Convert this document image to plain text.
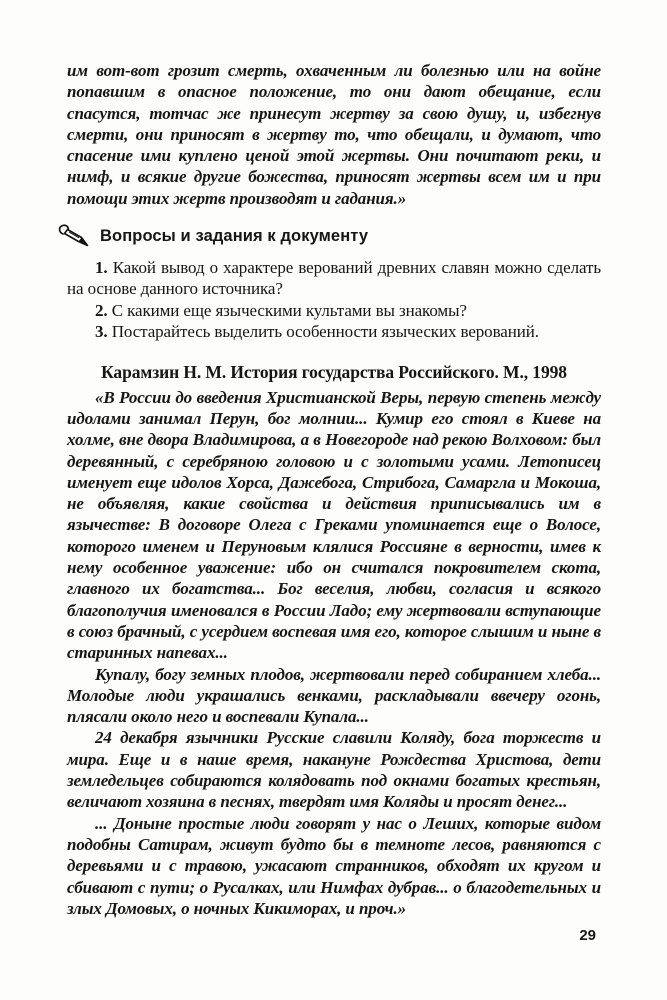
им вот-вот грозит смерть, охваченным ли болезнью или на войне попавшим в опасное положение, то они дают обещание, если спасутся, тотчас же принесут жертву за свою душу, и, избегнув смерти, они приносят в жертву то, что обещали, и думают, что спасение ими куплено ценой этой жертвы. Они почитают реки, и нимф, и всякие другие божества, приносят жертвы всем им и при помощи этих жертв производят и гадания.»

Вопросы и задания к документу

1. Какой вывод о характере верований древних славян можно сделать на основе данного источника?

2. С какими еще языческими культами вы знакомы?

3. Постарайтесь выделить особенности языческих верований.

Карамзин Н. М. История государства Российского. М., 1998

«В России до введения Христианской Веры, первую степень между идолами занимал Перун, бог молнии... Кумир его стоял в Киеве на холме, вне двора Владимирова, а в Новегороде над рекою Волховом: был деревянный, с серебряною головою и с золотыми усами. Летописец именует еще идолов Хорса, Дажебога, Стрибога, Самаргла и Мокоша, не объявляя, какие свойства и действия приписывались им в язычестве: В договоре Олега с Греками упоминается еще о Волосе, которого именем и Перуновым клялися Россияне в верности, имев к нему особенное уважение: ибо он считался покровителем скота, главного их богатства... Бог веселия, любви, согласия и всякого благополучия именовался в России Ладо; ему жертвовали вступающие в союз брачный, с усердием воспевая имя его, которое слышим и ныне в старинных напевах...

Купалу, богу земных плодов, жертвовали перед собиранием хлеба... Молодые люди украшались венками, раскладывали ввечеру огонь, плясали около него и воспевали Купала...

24 декабря язычники Русские славили Коляду, бога торжеств и мира. Еще и в наше время, накануне Рождества Христова, дети земледельцев собираются колядовать под окнами богатых крестьян, величают хозяина в песнях, твердят имя Коляды и просят денег...

... Доныне простые люди говорят у нас о Леших, которые видом подобны Сатирам, живут будто бы в темноте лесов, равняются с деревьями и с травою, ужасают странников, обходят их кругом и сбивают с пути; о Русалках, или Нимфах дубрав... о благодетельных и злых Домовых, о ночных Кикиморах, и проч.»

29
